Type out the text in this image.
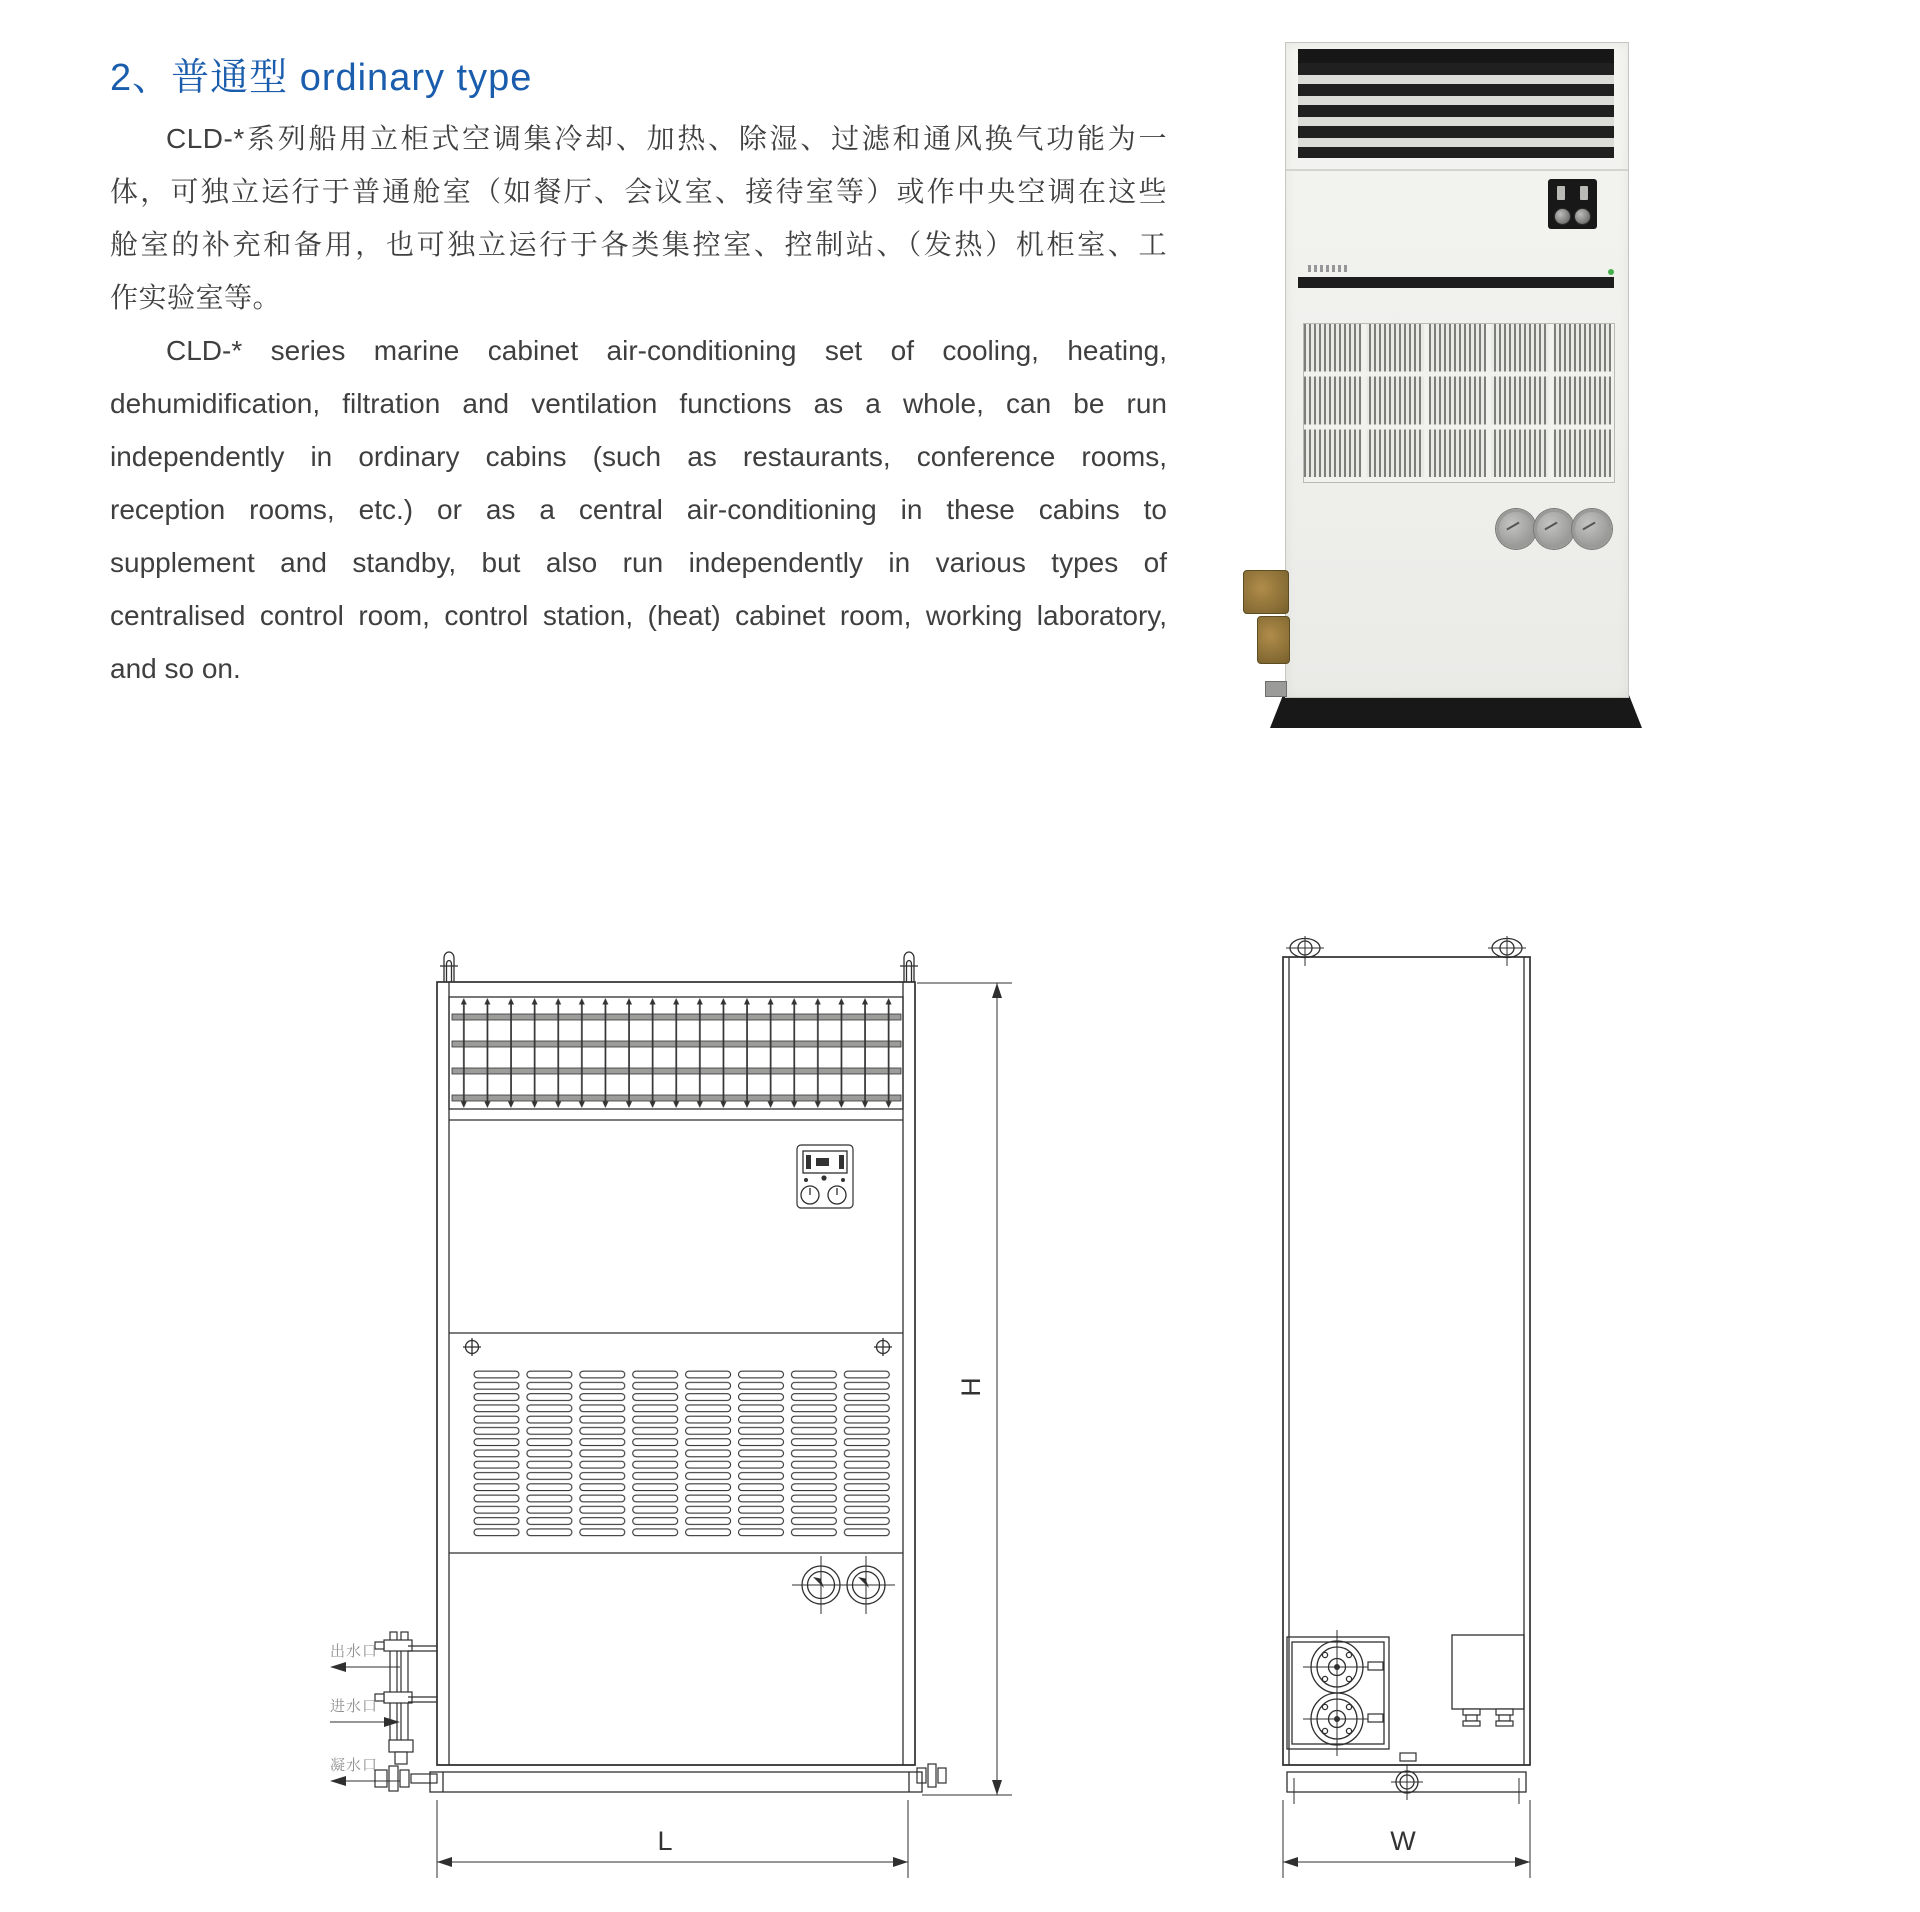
2、普通型 ordinary type
CLD-*系列船用立柜式空调集冷却、加热、除湿、过滤和通风换气功能为一
体，可独立运行于普通舱室（如餐厅、会议室、接待室等）或作中央空调在这些
舱室的补充和备用，也可独立运行于各类集控室、控制站、（发热）机柜室、工
作实验室等。
CLD-* series marine cabinet air-conditioning set of cooling, heating,
dehumidification, filtration and ventilation functions as a whole, can be run
independently in ordinary cabins (such as restaurants, conference rooms,
reception rooms, etc.) or as a central air-conditioning in these cabins to
supplement and standby, but also run independently in various types of
centralised control room, control station, (heat) cabinet room, working laboratory,
and so on.
L
H
出水口
进水口
凝水口
W
